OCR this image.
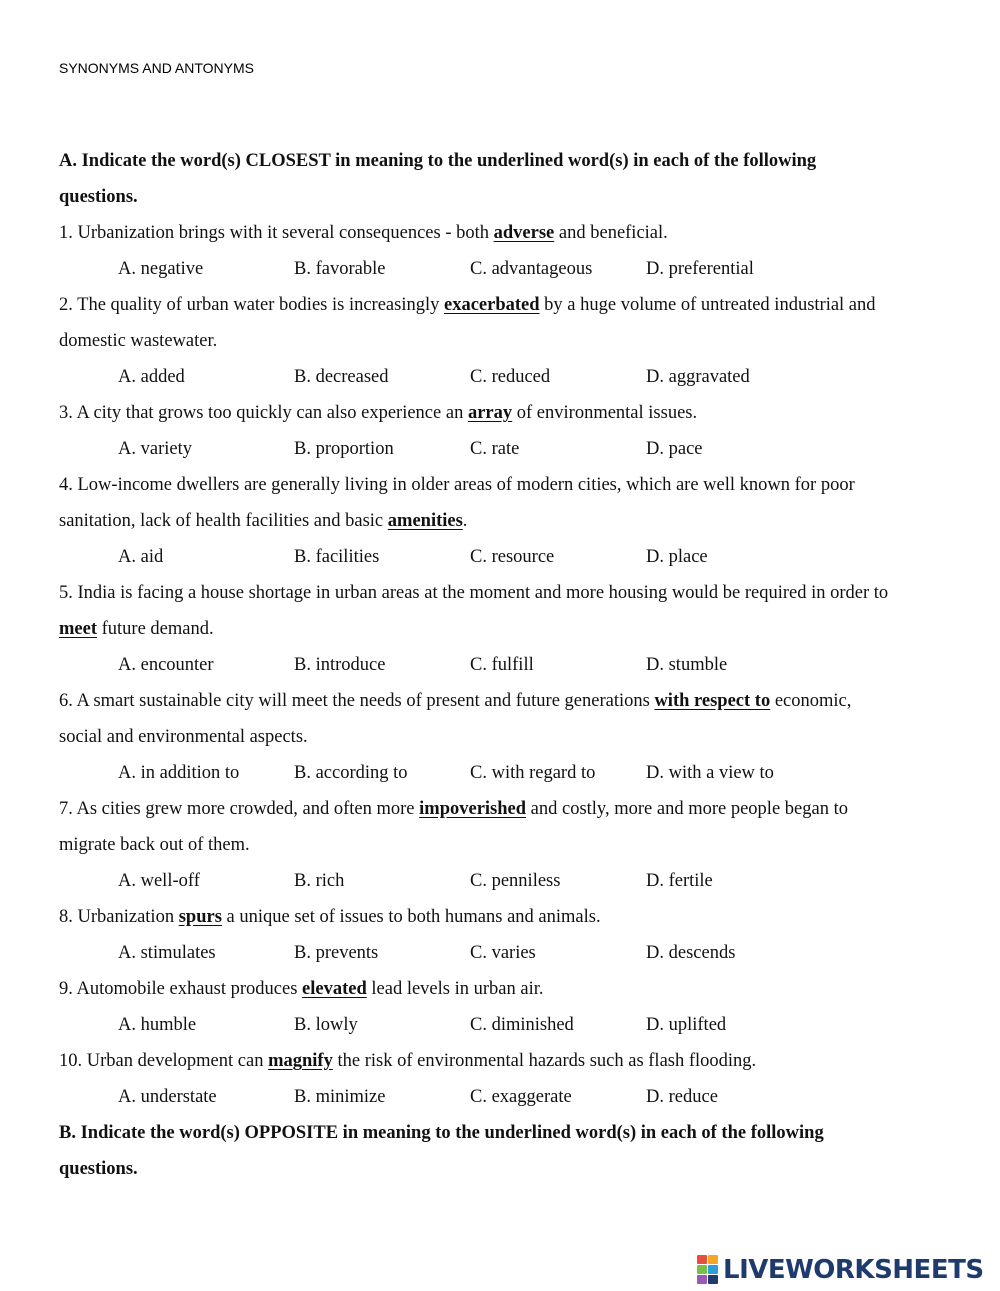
SYNONYMS AND ANTONYMS
A. Indicate the word(s) CLOSEST in meaning to the underlined word(s) in each of the following
questions.
1. Urbanization brings with it several consequences - both adverse and beneficial.
A. negative	B. favorable	C. advantageous	D. preferential
2. The quality of urban water bodies is increasingly exacerbated by a huge volume of untreated industrial and
domestic wastewater.
A. added	B. decreased	C. reduced	D. aggravated
3. A city that grows too quickly can also experience an array of environmental issues.
A. variety	B. proportion	C. rate	D. pace
4. Low-income dwellers are generally living in older areas of modern cities, which are well known for poor
sanitation, lack of health facilities and basic amenities.
A. aid	B. facilities	C. resource	D. place
5. India is facing a house shortage in urban areas at the moment and more housing would be required in order to
meet future demand.
A. encounter	B. introduce	C. fulfill	D. stumble
6. A smart sustainable city will meet the needs of present and future generations with respect to economic,
social and environmental aspects.
A. in addition to	B. according to	C. with regard to	D. with a view to
7. As cities grew more crowded, and often more impoverished and costly, more and more people began to
migrate back out of them.
A. well-off	B. rich	C. penniless	D. fertile
8. Urbanization spurs a unique set of issues to both humans and animals.
A. stimulates	B. prevents	C. varies	D. descends
9. Automobile exhaust produces elevated lead levels in urban air.
A. humble	B. lowly	C. diminished	D. uplifted
10. Urban development can magnify the risk of environmental hazards such as flash flooding.
A. understate	B. minimize	C. exaggerate	D. reduce
B. Indicate the word(s) OPPOSITE in meaning to the underlined word(s) in each of the following
questions.
LIVEWORKSHEETS
